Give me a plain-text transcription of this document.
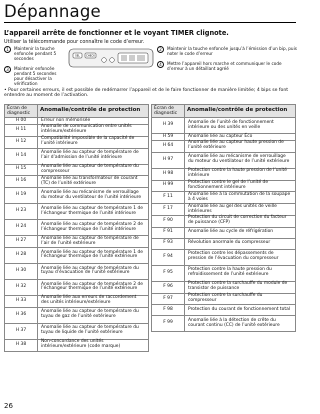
Dépannage
L’appareil arrête de fonctionner et le voyant TIMER clignote.
Utiliser la télécommande pour connaître le code d’erreur.
1	Maintenir la touche enfoncée pendant 5 secondes
3	Maintenir enfoncée pendant 5 secondes pour désactiver la vérification
SEL CHECK
2	Maintenir la touche enfoncée jusqu’à l’émission d’un bip, puis noter le code d’erreur
4	Mettre l’appareil hors marche et communiquer le code d’erreur à un détaillant agréé
• Pour certaines erreurs, il est possible de redémarrer l’appareil et de le faire fonctionner de manière limitée; 4 bips se font entendre au moment de l’activation.
Écran de diagnostic	Anomalie/contrôle de protection
H 00	Erreur non mémorisée
H 11	Anomalie de communication entre unités intérieure/extérieure
H 12	Compatibilité impossible de la capacité de l’unité intérieure
H 14	Anomalie liée au capteur de température de l’air d’admission de l’unité intérieure
H 15	Anomalie liée au capteur de température du compresseur
H 16	Anomalie liée au transformateur de courant (TC) de l’unité extérieure
H 19	Anomalie liée au mécanisme de verrouillage du moteur du ventilateur de l’unité intérieure
H 23	Anomalie liée au capteur de température 1 de l’échangeur thermique de l’unité intérieure
H 24	Anomalie liée au capteur de température 2 de l’échangeur thermique de l’unité intérieure
H 27	Anomalie liée au capteur de température de l’air de l’unité extérieure
H 28	Anomalie liée au capteur de température 1 de l’échangeur thermique de l’unité extérieure
H 30	Anomalie liée au capteur de température du tuyau d’évacuation de l’unité extérieure
H 32	Anomalie liée au capteur de température 2 de l’échangeur thermique de l’unité extérieure
H 33	Anomalie liée aux erreurs de raccordement des unités intérieure/extérieure
H 36	Anomalie liée au capteur de température du tuyau de gaz de l’unité extérieure
H 37	Anomalie liée au capteur de température du tuyau de liquide de l’unité extérieure
H 38	Non-concordance des unités intérieure/extérieure (code marque)
Écran de diagnostic	Anomalie/contrôle de protection
H 39	Anomalie de l’unité de fonctionnement intérieure ou des unités en veille
H 59	Anomalie liée au capteur Éco
H 64	Anomalie liée au capteur haute pression de l’unité extérieure
H 97	Anomalie liée au mécanisme de verrouillage du moteur du ventilateur de l’unité extérieure
H 98	Protection contre la haute pression de l’unité intérieure
H 99	Protection contre le gel de l’unité de fonctionnement intérieure
F 11	Anomalie liée à la commutation de la soupape à 4 voies
F 17	Anomalie liée au gel des unités de veille intérieures
F 90	Protection du circuit de correction du facteur de puissance (CFP)
F 91	Anomalie liée au cycle de réfrigération
F 93	Révolution anormale du compresseur
F 94	Protection contre les dépassements de pression de l’évacuation du compresseur
F 95	Protection contre la haute pression du refroidissement de l’unité extérieure
F 96	Protection contre la surchauffe du module de transistor de puissance
F 97	Protection contre la surchauffe du compresseur
F 98	Protection du courant de fonctionnement total
F 99	Anomalie liée à la détection de crête du courant continu (CC) de l’unité extérieure
26
